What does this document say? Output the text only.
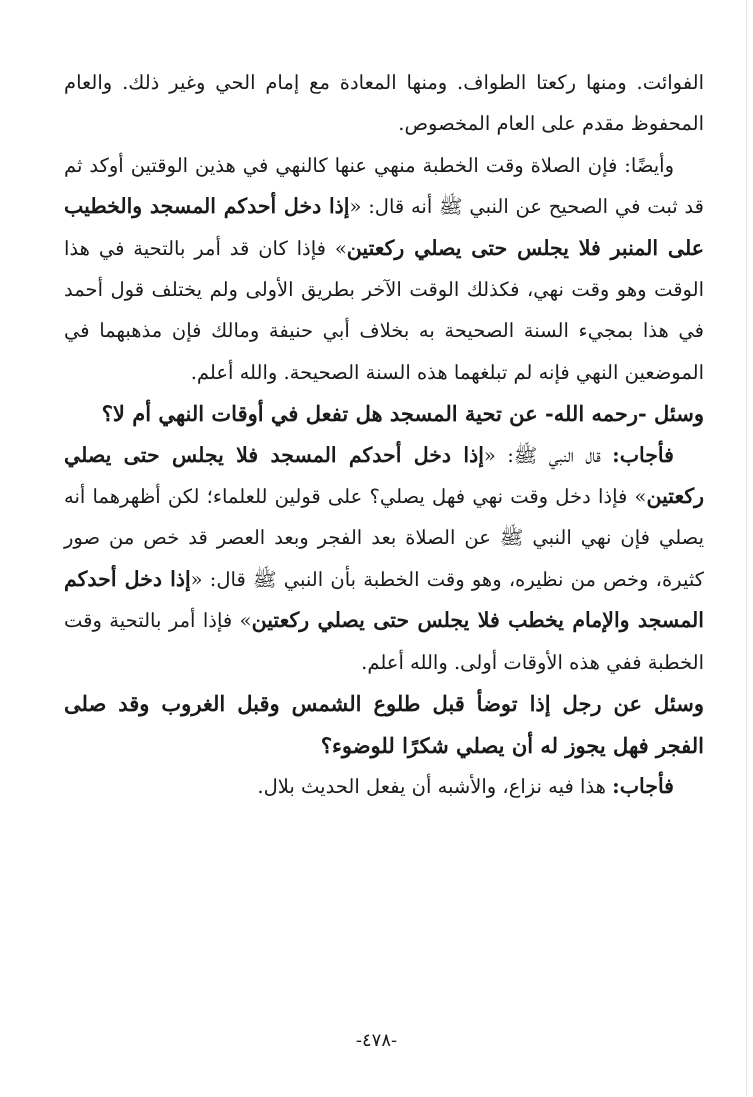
الفوائت. ومنها ركعتا الطواف. ومنها المعادة مع إمام الحي وغير ذلك. والعام المحفوظ مقدم على العام المخصوص.

وأيضًا: فإن الصلاة وقت الخطبة منهي عنها كالنهي في هذين الوقتين أوكد ثم قد ثبت في الصحيح عن النبي ﷺ أنه قال: «إذا دخل أحدكم المسجد والخطيب على المنبر فلا يجلس حتى يصلي ركعتين» فإذا كان قد أمر بالتحية في هذا الوقت وهو وقت نهي، فكذلك الوقت الآخر بطريق الأولى ولم يختلف قول أحمد في هذا بمجيء السنة الصحيحة به بخلاف أبي حنيفة ومالك فإن مذهبهما في الموضعين النهي فإنه لم تبلغهما هذه السنة الصحيحة. والله أعلم.

وسئل -رحمه الله- عن تحية المسجد هل تفعل في أوقات النهي أم لا؟

فأجاب: قال النبي ﷺ: «إذا دخل أحدكم المسجد فلا يجلس حتى يصلي ركعتين» فإذا دخل وقت نهي فهل يصلي؟ على قولين للعلماء؛ لكن أظهرهما أنه يصلي فإن نهي النبي ﷺ عن الصلاة بعد الفجر وبعد العصر قد خص من صور كثيرة، وخص من نظيره، وهو وقت الخطبة بأن النبي ﷺ قال: «إذا دخل أحدكم المسجد والإمام يخطب فلا يجلس حتى يصلي ركعتين» فإذا أمر بالتحية وقت الخطبة ففي هذه الأوقات أولى. والله أعلم.

وسئل عن رجل إذا توضأ قبل طلوع الشمس وقبل الغروب وقد صلى الفجر فهل يجوز له أن يصلي شكرًا للوضوء؟

فأجاب: هذا فيه نزاع، والأشبه أن يفعل الحديث بلال.

-٤٧٨-
